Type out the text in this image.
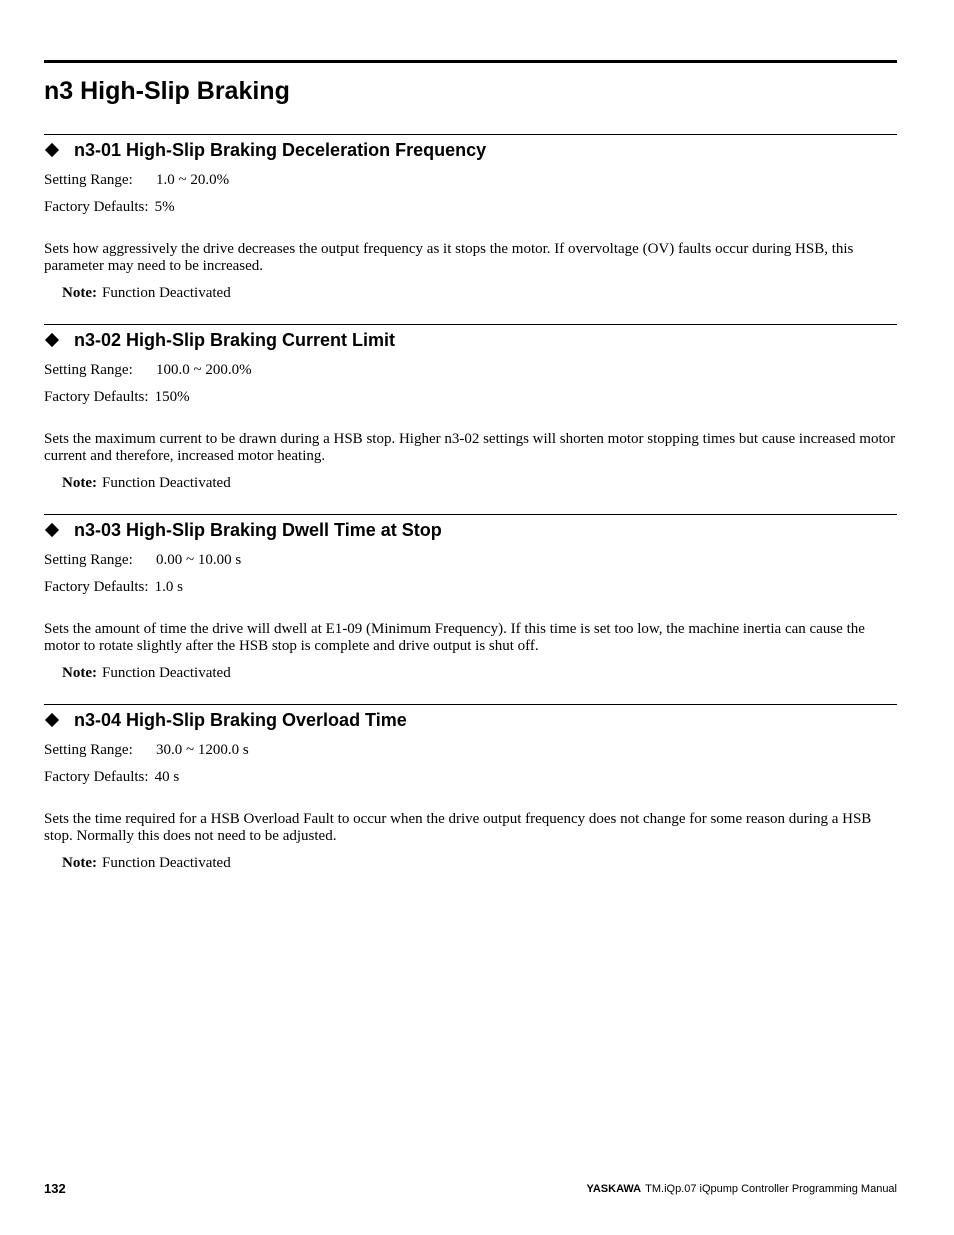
n3 High-Slip Braking
n3-01 High-Slip Braking Deceleration Frequency
Setting Range: 1.0 ~ 20.0%
Factory Defaults: 5%
Sets how aggressively the drive decreases the output frequency as it stops the motor. If overvoltage (OV) faults occur during HSB, this parameter may need to be increased.
Note: Function Deactivated
n3-02 High-Slip Braking Current Limit
Setting Range: 100.0 ~ 200.0%
Factory Defaults: 150%
Sets the maximum current to be drawn during a HSB stop. Higher n3-02 settings will shorten motor stopping times but cause increased motor current and therefore, increased motor heating.
Note: Function Deactivated
n3-03 High-Slip Braking Dwell Time at Stop
Setting Range: 0.00 ~ 10.00 s
Factory Defaults: 1.0 s
Sets the amount of time the drive will dwell at E1-09 (Minimum Frequency). If this time is set too low, the machine inertia can cause the motor to rotate slightly after the HSB stop is complete and drive output is shut off.
Note: Function Deactivated
n3-04 High-Slip Braking Overload Time
Setting Range: 30.0 ~ 1200.0 s
Factory Defaults: 40 s
Sets the time required for a HSB Overload Fault to occur when the drive output frequency does not change for some reason during a HSB stop. Normally this does not need to be adjusted.
Note: Function Deactivated
132	YASKAWA TM.iQp.07 iQpump Controller Programming Manual
